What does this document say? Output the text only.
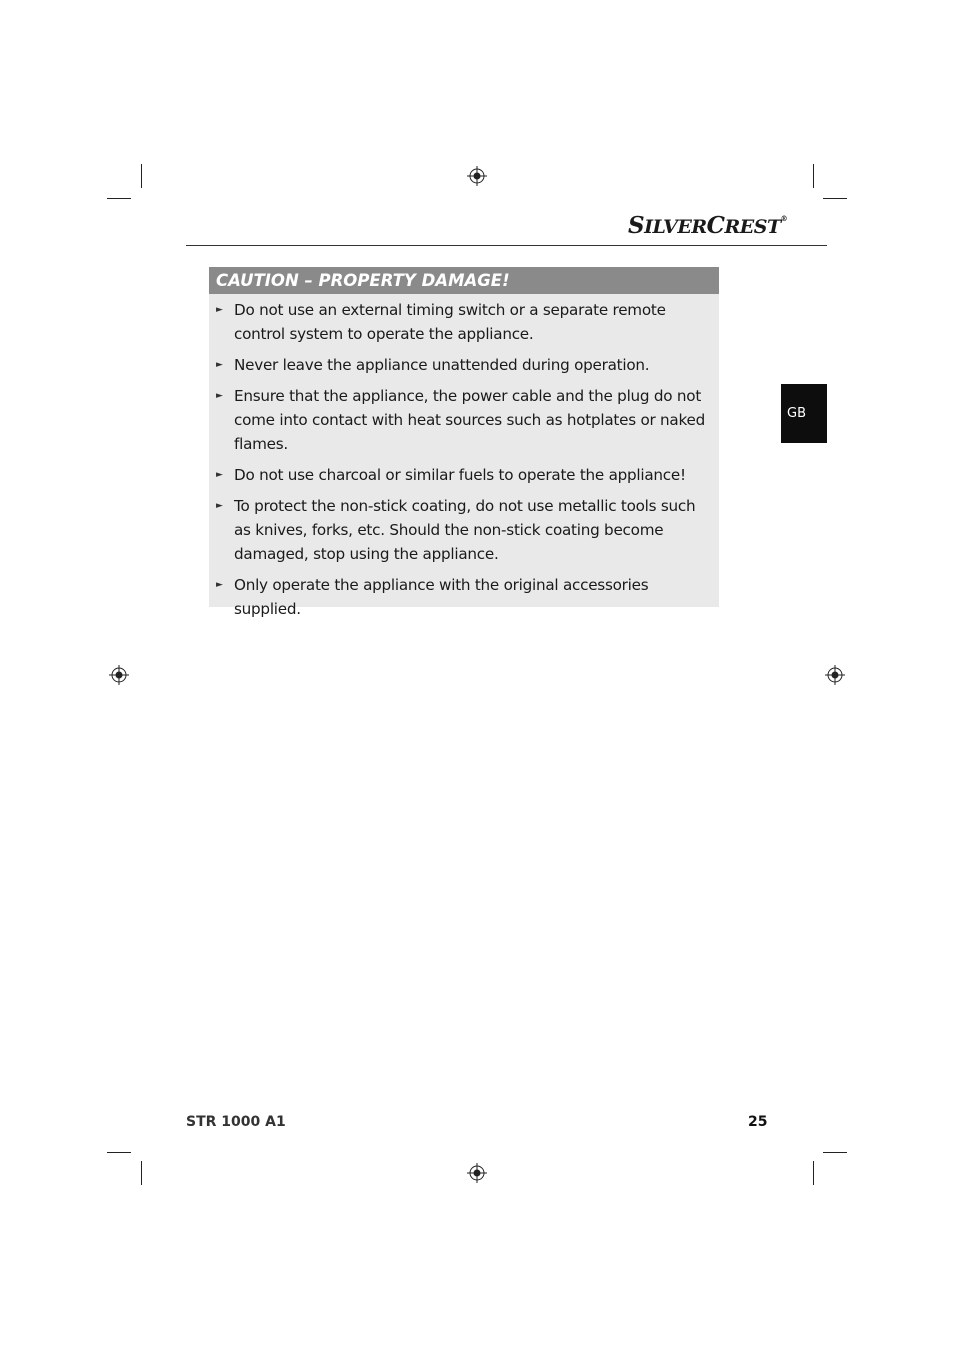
SILVERCREST®
GB
CAUTION – PROPERTY DAMAGE!
► Do not use an external timing switch or a separate remote control system to operate the appliance.
► Never leave the appliance unattended during operation.
► Ensure that the appliance, the power cable and the plug do not come into contact with heat sources such as hotplates or naked flames.
► Do not use charcoal or similar fuels to operate the appliance!
► To protect the non-stick coating, do not use metallic tools such as knives, forks, etc. Should the non-stick coating become damaged, stop using the appliance.
► Only operate the appliance with the original accessories supplied.
STR 1000 A1	25
